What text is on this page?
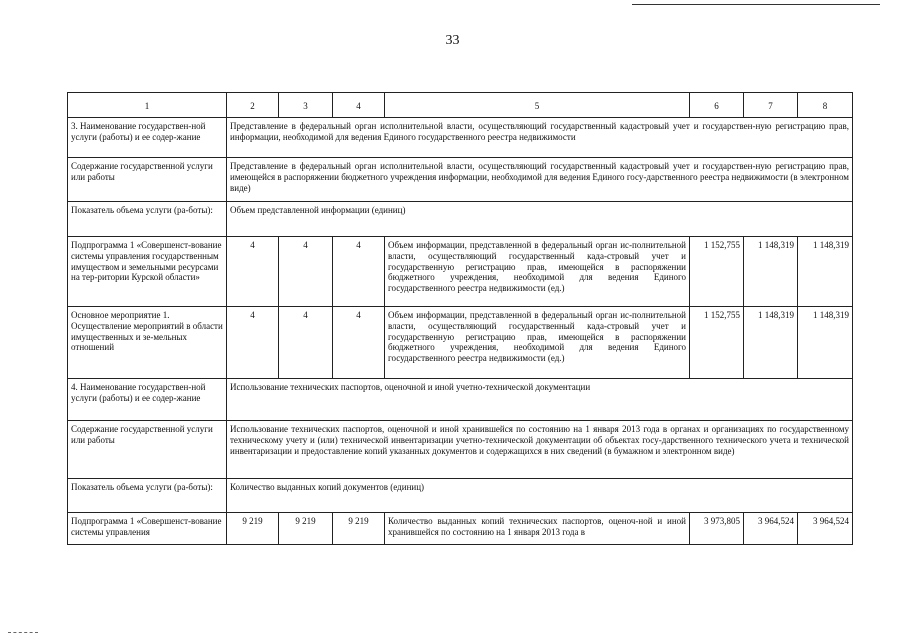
33
1	2	3	4	5	6	7	8
3. Наименование государствен-ной услуги (работы) и ее содер-жание	Представление в федеральный орган исполнительной власти, осуществляющий государственный кадастровый учет и государствен-ную регистрацию прав, информации, необходимой для ведения Единого государственного реестра недвижимости						
Содержание государственной услуги или работы	Представление в федеральный орган исполнительной власти, осуществляющий государственный кадастровый учет и государствен-ную регистрацию прав, имеющейся в распоряжении бюджетного учреждения информации, необходимой для ведения Единого госу-дарственного реестра недвижимости (в электронном виде)						
Показатель объема услуги (ра-боты):	Объем представленной информации (единиц)						
Подпрограмма 1 «Совершенст-вование системы управления государственным имуществом и земельными ресурсами на тер-ритории Курской области»	4	4	4	Объем информации, представленной в федеральный орган ис-полнительной власти, осуществляющий государственный када-стровый учет и государственную регистрацию прав, имеющейся в распоряжении бюджетного учреждения, необходимой для ведения Единого государственного реестра недвижимости (ед.)	1 152,755	1 148,319	1 148,319
Основное мероприятие 1. Осуществление мероприятий в области имущественных и зе-мельных отношений	4	4	4	Объем информации, представленной в федеральный орган ис-полнительной власти, осуществляющий государственный када-стровый учет и государственную регистрацию прав, имеющейся в распоряжении бюджетного учреждения, необходимой для ведения Единого государственного реестра недвижимости (ед.)	1 152,755	1 148,319	1 148,319
4. Наименование государствен-ной услуги (работы) и ее содер-жание	Использование технических паспортов, оценочной и иной учетно-технической документации						
Содержание государственной услуги или работы	Использование технических паспортов, оценочной и иной хранившейся по состоянию на 1 января 2013 года в органах и организациях по государственному техническому учету и (или) технической инвентаризации учетно-технической документации об объектах госу-дарственного технического учета и технической инвентаризации и предоставление копий указанных документов и содержащихся в них сведений (в бумажном и электронном виде)						
Показатель объема услуги (ра-боты):	Количество выданных копий документов (единиц)						
Подпрограмма 1 «Совершенст-вование системы управления	9 219	9 219	9 219	Количество выданных копий технических паспортов, оценоч-ной и иной хранившейся по состоянию на 1 января 2013 года в	3 973,805	3 964,524	3 964,524
